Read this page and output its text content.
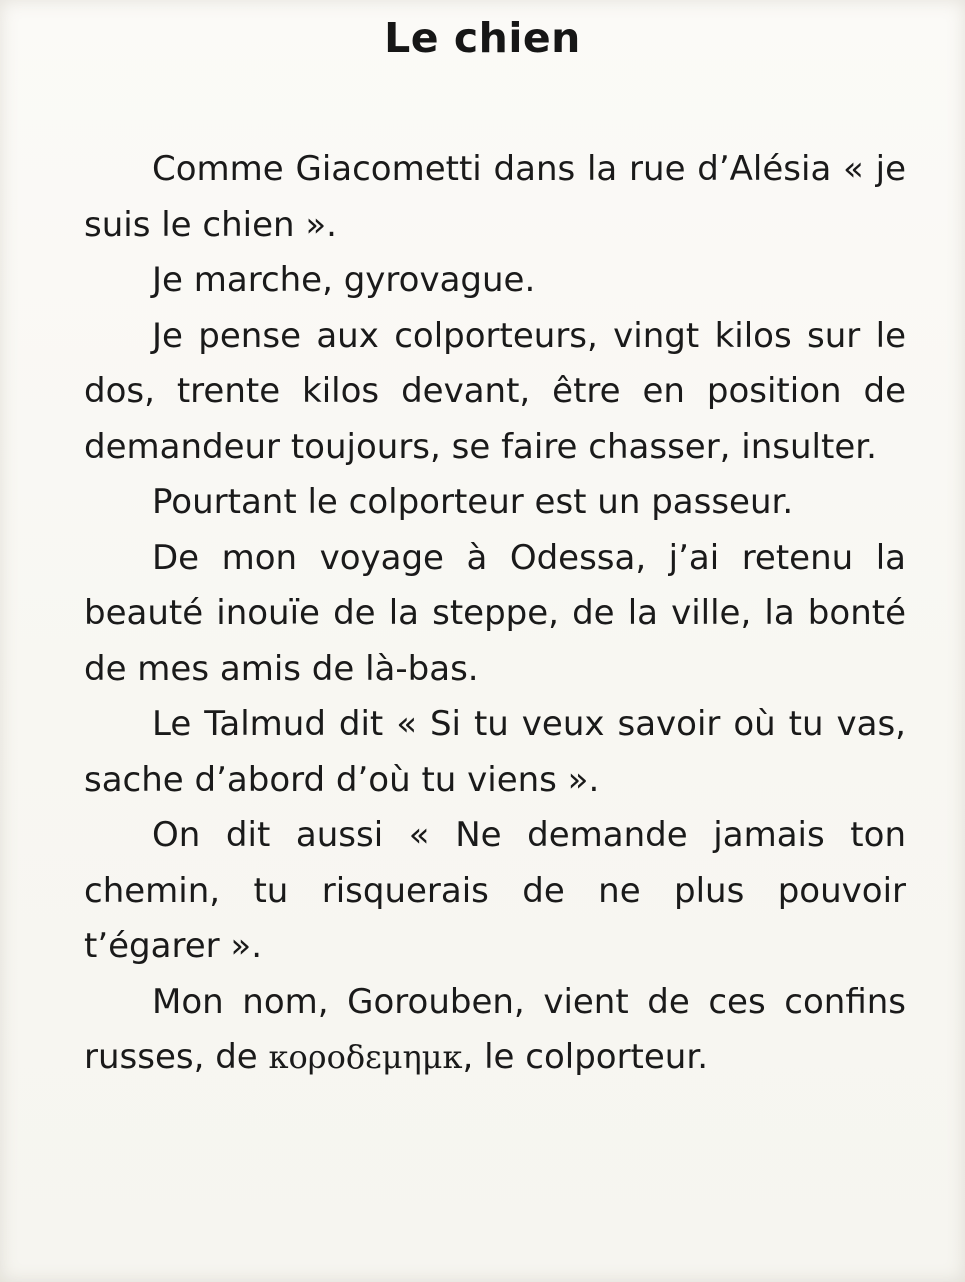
Le chien

Comme Giacometti dans la rue d’Alésia « je suis le chien ».

Je marche, gyrovague.

Je pense aux colporteurs, vingt kilos sur le dos, trente kilos devant, être en position de demandeur toujours, se faire chasser, insulter.

Pourtant le colporteur est un passeur.

De mon voyage à Odessa, j’ai retenu la beauté inouïe de la steppe, de la ville, la bonté de mes amis de là-bas.

Le Talmud dit « Si tu veux savoir où tu vas, sache d’abord d’où tu viens ».

On dit aussi « Ne demande jamais ton chemin, tu risquerais de ne plus pouvoir t’égarer ».

Mon nom, Gorouben, vient de ces confins russes, de κοροδεμημκ, le colporteur.
